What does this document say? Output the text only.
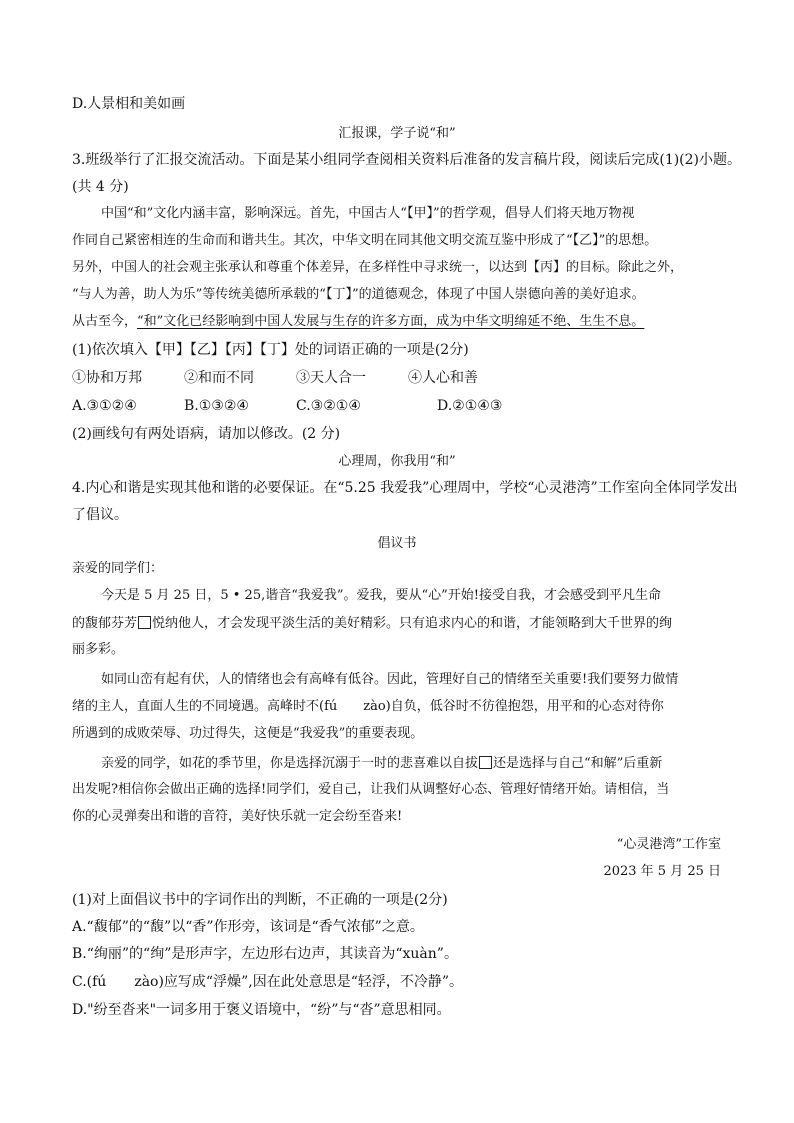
D.人景相和美如画
汇报课，学子说“和”
3.班级举行了汇报交流活动。下面是某小组同学查阅相关资料后准备的发言稿片段，阅读后完成(1)(2)小题。
(共 4 分)
中国“和”文化内涵丰富，影响深远。首先，中国古人“【甲】”的哲学观，倡导人们将天地万物视
作同自己紧密相连的生命而和谐共生。其次，中华文明在同其他文明交流互鉴中形成了“【乙】”的思想。
另外，中国人的社会观主张承认和尊重个体差异，在多样性中寻求统一，以达到【丙】的目标。除此之外，
“与人为善，助人为乐”等传统美德所承载的“【丁】”的道德观念，体现了中国人崇德向善的美好追求。
从古至今，“和”文化已经影响到中国人发展与生存的许多方面，成为中华文明绵延不绝、生生不息。
(1)依次填入【甲】【乙】【丙】【丁】处的词语正确的一项是(2分)
①协和万邦	②和而不同	③天人合一	④人心和善
A.③①②④	B.①③②④	C.③②①④	D.②①④③
(2)画线句有两处语病，请加以修改。(2 分)
心理周，你我用“和”
4.内心和谐是实现其他和谐的必要保证。在“5.25 我爱我”心理周中，学校“心灵港湾”工作室向全体同学发出
了倡议。
倡议书
亲爱的同学们：
今天是 5 月 25 日，5 • 25,谐音“我爱我”。爱我，要从“心”开始!接受自我，才会感受到平凡生命
的馥郁芬芳 悦纳他人，才会发现平淡生活的美好精彩。只有追求内心的和谐，才能领略到大千世界的绚
丽多彩。
如同山峦有起有伏，人的情绪也会有高峰有低谷。因此，管理好自己的情绪至关重要!我们要努力做情
绪的主人，直面人生的不同境遇。高峰时不(fú　　zào)自负，低谷时不彷徨抱怨，用平和的心态对待你
所遇到的成败荣辱、功过得失，这便是“我爱我”的重要表现。
亲爱的同学，如花的季节里，你是选择沉溺于一时的悲喜难以自拔 还是选择与自己“和解”后重新
出发呢?相信你会做出正确的选择!同学们，爱自己，让我们从调整好心态、管理好情绪开始。请相信，当
你的心灵弹奏出和谐的音符，美好快乐就一定会纷至沓来!
“心灵港湾”工作室
2023 年 5 月 25 日
(1)对上面倡议书中的字词作出的判断，不正确的一项是(2分)
A.“馥郁”的“馥”以“香”作形旁，该词是“香气浓郁”之意。
B.“绚丽”的“绚”是形声字，左边形右边声，其读音为“xuàn”。
C.(fú　　zào)应写成“浮燥”,因在此处意思是“轻浮，不冷静”。
D."纷至沓来"一词多用于褒义语境中，“纷”与“沓”意思相同。
